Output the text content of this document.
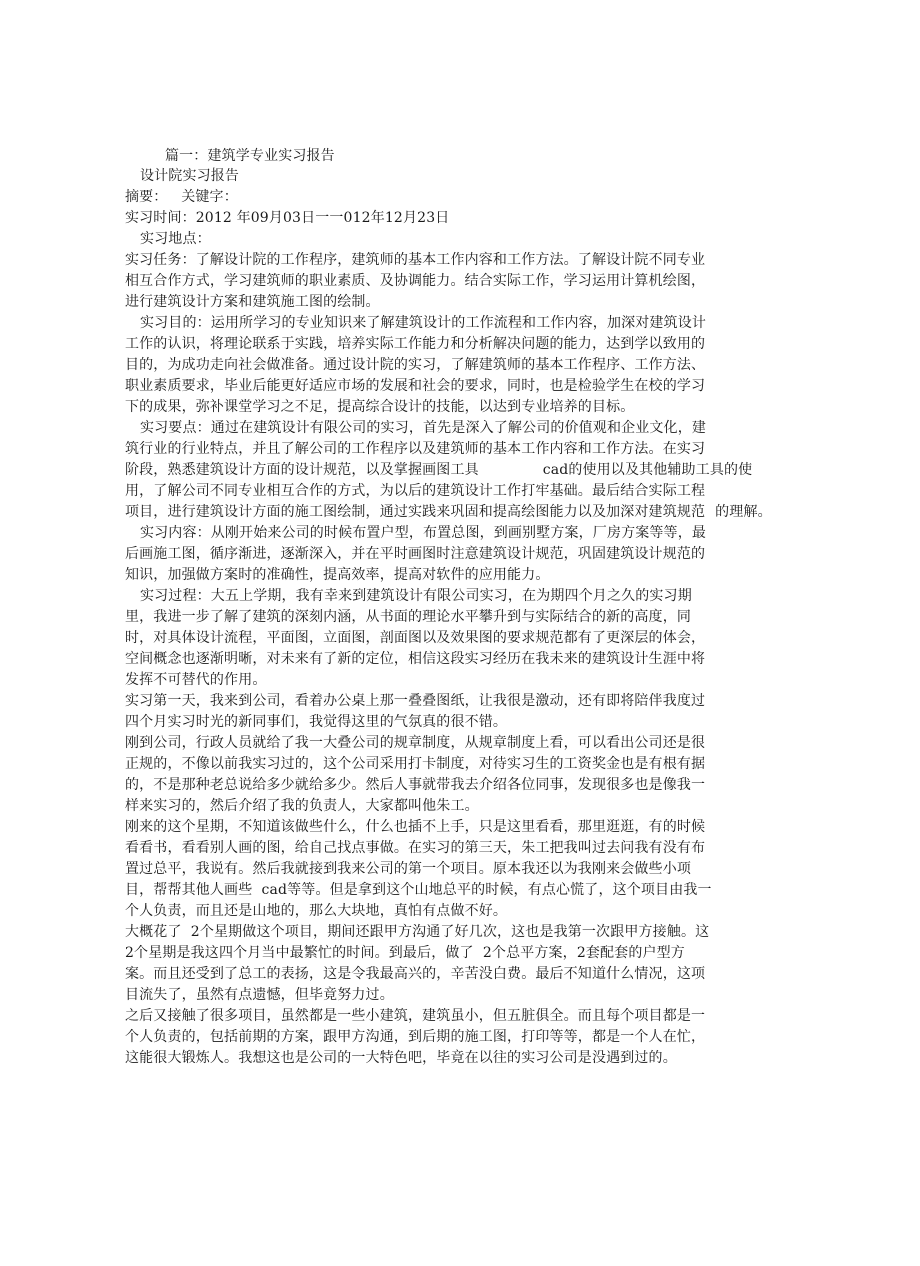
篇一：建筑学专业实习报告
设计院实习报告
摘要：   关键字：
实习时间：2012 年09月03日一一012年12月23日
实习地点：
实习任务：了解设计院的工作程序，建筑师的基本工作内容和工作方法。了解设计院不同专业
相互合作方式，学习建筑师的职业素质、及协调能力。结合实际工作，学习运用计算机绘图，
进行建筑设计方案和建筑施工图的绘制。
实习目的：运用所学习的专业知识来了解建筑设计的工作流程和工作内容，加深对建筑设计
工作的认识，将理论联系于实践，培养实际工作能力和分析解决问题的能力，达到学以致用的
目的，为成功走向社会做准备。通过设计院的实习，了解建筑师的基本工作程序、工作方法、
职业素质要求，毕业后能更好适应市场的发展和社会的要求，同时，也是检验学生在校的学习
下的成果，弥补课堂学习之不足，提高综合设计的技能，以达到专业培养的目标。
实习要点：通过在建筑设计有限公司的实习，首先是深入了解公司的价值观和企业文化，建
筑行业的行业特点，并且了解公司的工作程序以及建筑师的基本工作内容和工作方法。在实习
阶段，熟悉建筑设计方面的设计规范，以及掌握画图工具	cad的使用以及其他辅助工具的使
用，了解公司不同专业相互合作的方式，为以后的建筑设计工作打牢基础。最后结合实际工程
项目，进行建筑设计方面的施工图绘制，通过实践来巩固和提高绘图能力以及加深对建筑规范 的理解。
实习内容：从刚开始来公司的时候布置户型，布置总图，到画别墅方案，厂房方案等等，最
后画施工图，循序渐进，逐渐深入，并在平时画图时注意建筑设计规范，巩固建筑设计规范的
知识，加强做方案时的准确性，提高效率，提高对软件的应用能力。
实习过程：大五上学期，我有幸来到建筑设计有限公司实习，在为期四个月之久的实习期
里，我进一步了解了建筑的深刻内涵，从书面的理论水平攀升到与实际结合的新的高度，同
时，对具体设计流程，平面图，立面图，剖面图以及效果图的要求规范都有了更深层的体会，
空间概念也逐渐明晰，对未来有了新的定位，相信这段实习经历在我未来的建筑设计生涯中将
发挥不可替代的作用。
实习第一天，我来到公司，看着办公桌上那一叠叠图纸，让我很是激动，还有即将陪伴我度过
四个月实习时光的新同事们，我觉得这里的气氛真的很不错。
刚到公司，行政人员就给了我一大叠公司的规章制度，从规章制度上看，可以看出公司还是很
正规的，不像以前我实习过的，这个公司采用打卡制度，对待实习生的工资奖金也是有根有据
的，不是那种老总说给多少就给多少。然后人事就带我去介绍各位同事，发现很多也是像我一
样来实习的，然后介绍了我的负责人，大家都叫他朱工。
刚来的这个星期，不知道该做些什么，什么也插不上手，只是这里看看，那里逛逛，有的时候
看看书，看看别人画的图，给自己找点事做。在实习的第三天，朱工把我叫过去问我有没有布
置过总平，我说有。然后我就接到我来公司的第一个项目。原本我还以为我刚来会做些小项
目，帮帮其他人画些  cad等等。但是拿到这个山地总平的时候，有点心慌了，这个项目由我一
个人负责，而且还是山地的，那么大块地，真怕有点做不好。
大概花了  2个星期做这个项目，期间还跟甲方沟通了好几次，这也是我第一次跟甲方接触。这
2个星期是我这四个月当中最繁忙的时间。到最后，做了  2个总平方案，2套配套的户型方
案。而且还受到了总工的表扬，这是令我最高兴的，辛苦没白费。最后不知道什么情况，这项
目流失了，虽然有点遗憾，但毕竟努力过。
之后又接触了很多项目，虽然都是一些小建筑，建筑虽小，但五脏俱全。而且每个项目都是一
个人负责的，包括前期的方案，跟甲方沟通，到后期的施工图，打印等等，都是一个人在忙，
这能很大锻炼人。我想这也是公司的一大特色吧，毕竟在以往的实习公司是没遇到过的。
